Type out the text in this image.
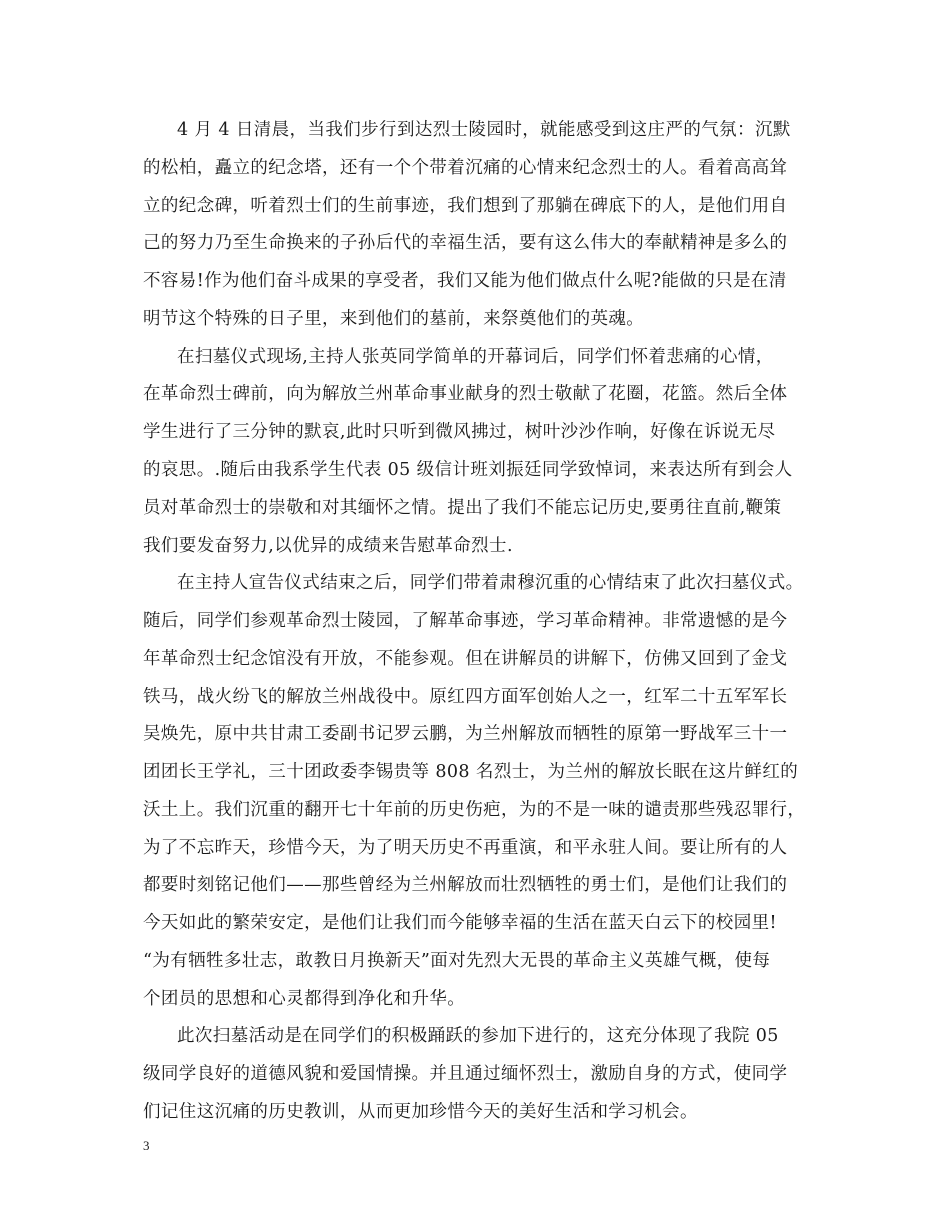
4 月 4 日清晨，当我们步行到达烈士陵园时，就能感受到这庄严的气氛：沉默
的松柏，矗立的纪念塔，还有一个个带着沉痛的心情来纪念烈士的人。看着高高耸
立的纪念碑，听着烈士们的生前事迹，我们想到了那躺在碑底下的人，是他们用自
己的努力乃至生命换来的子孙后代的幸福生活，要有这么伟大的奉献精神是多么的
不容易!作为他们奋斗成果的享受者，我们又能为他们做点什么呢?能做的只是在清
明节这个特殊的日子里，来到他们的墓前，来祭奠他们的英魂。
在扫墓仪式现场,主持人张英同学简单的开幕词后，同学们怀着悲痛的心情，
在革命烈士碑前，向为解放兰州革命事业献身的烈士敬献了花圈，花篮。然后全体
学生进行了三分钟的默哀,此时只听到微风拂过，树叶沙沙作响，好像在诉说无尽
的哀思。.随后由我系学生代表 05 级信计班刘振廷同学致悼词，来表达所有到会人
员对革命烈士的崇敬和对其缅怀之情。提出了我们不能忘记历史,要勇往直前,鞭策
我们要发奋努力,以优异的成绩来告慰革命烈士.
在主持人宣告仪式结束之后，同学们带着肃穆沉重的心情结束了此次扫墓仪式。
随后，同学们参观革命烈士陵园，了解革命事迹，学习革命精神。非常遗憾的是今
年革命烈士纪念馆没有开放，不能参观。但在讲解员的讲解下，仿佛又回到了金戈
铁马，战火纷飞的解放兰州战役中。原红四方面军创始人之一，红军二十五军军长
吴焕先，原中共甘肃工委副书记罗云鹏，为兰州解放而牺牲的原第一野战军三十一
团团长王学礼，三十团政委李锡贵等 808 名烈士，为兰州的解放长眠在这片鲜红的
沃土上。我们沉重的翻开七十年前的历史伤疤，为的不是一味的谴责那些残忍罪行，
为了不忘昨天，珍惜今天，为了明天历史不再重演，和平永驻人间。要让所有的人
都要时刻铭记他们——那些曾经为兰州解放而壮烈牺牲的勇士们，是他们让我们的
今天如此的繁荣安定，是他们让我们而今能够幸福的生活在蓝天白云下的校园里!
“为有牺牲多壮志，敢教日月换新天”面对先烈大无畏的革命主义英雄气概，使每
个团员的思想和心灵都得到净化和升华。
此次扫墓活动是在同学们的积极踊跃的参加下进行的，这充分体现了我院 05
级同学良好的道德风貌和爱国情操。并且通过缅怀烈士，激励自身的方式，使同学
们记住这沉痛的历史教训，从而更加珍惜今天的美好生活和学习机会。
3
